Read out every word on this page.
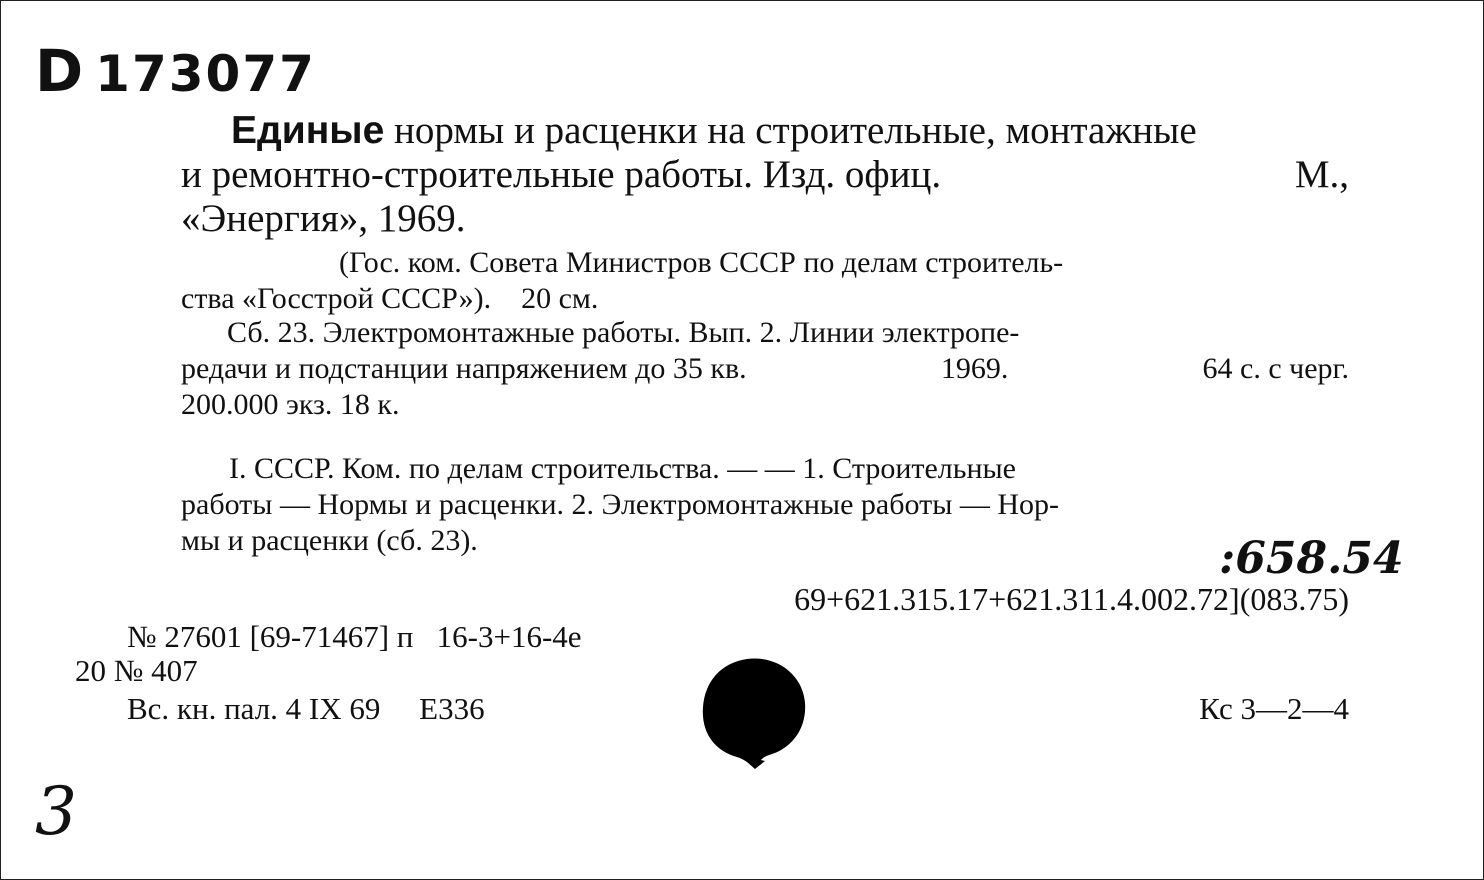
D 173077
Единые нормы и расценки на строительные, монтажные
и ремонтно-строительные работы. Изд. офиц.	М.,
«Энергия», 1969.
(Гос. ком. Совета Министров СССР по делам строитель-
ства «Госстрой СССР»).    20 см.
Сб. 23. Электромонтажные работы. Вып. 2. Линии электропе-
редачи и подстанции напряжением до 35 кв.	1969.	64 с. с черг.
200.000 экз. 18 к.
I. СССР. Ком. по делам строительства. — — 1. Строительные
работы — Нормы и расценки. 2. Электромонтажные работы — Нор-
мы и расценки (сб. 23).	:658.54
69+621.315.17+621.311.4.002.72](083.75)
№ 27601 [69-71467] п   16-3+16-4е
20 № 407
Вс. кн. пал. 4 IX 69     Е336	Кс 3—2—4
3
